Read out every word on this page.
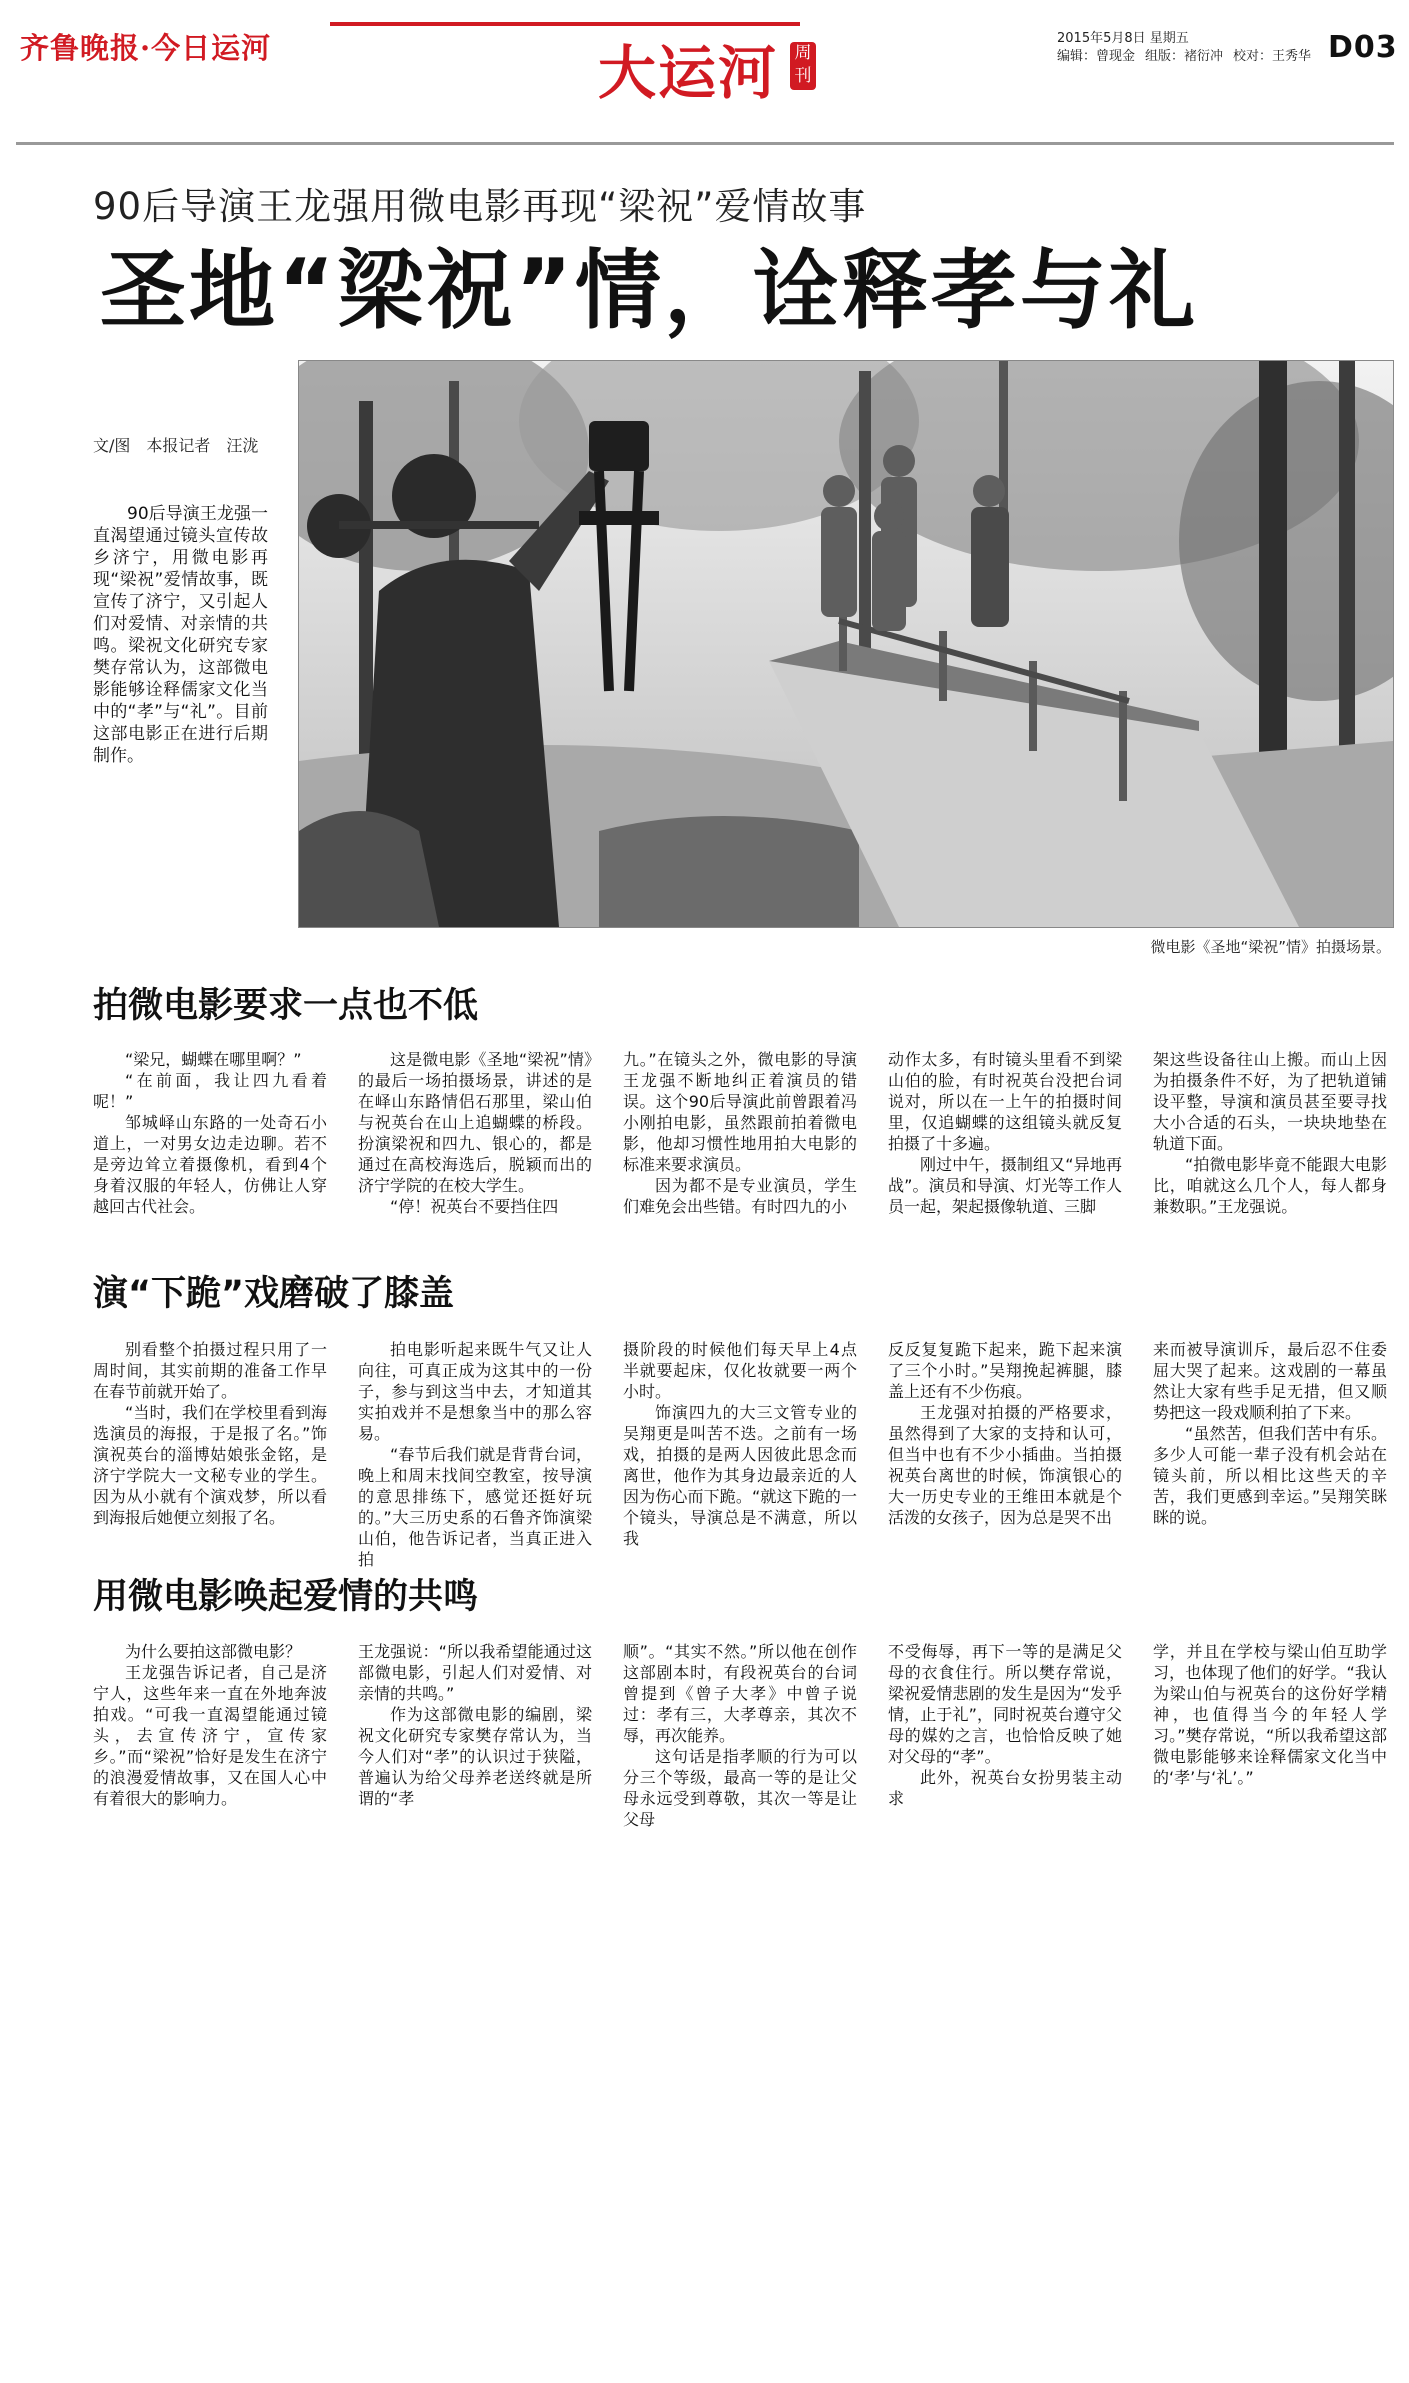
齐鲁晚报·今日运河	大运河 周刊
2015年5月8日 星期五
编辑：曾现金 组版：褚衍冲 校对：王秀华 D03
90后导演王龙强用微电影再现“梁祝”爱情故事
圣地“梁祝”情，诠释孝与礼
微电影《圣地“梁祝”情》拍摄场景。
文/图　本报记者　汪泷
90后导演王龙强一直渴望通过镜头宣传故乡济宁，用微电影再现“梁祝”爱情故事，既宣传了济宁，又引起人们对爱情、对亲情的共鸣。梁祝文化研究专家樊存常认为，这部微电影能够诠释儒家文化当中的“孝”与“礼”。目前这部电影正在进行后期制作。
拍微电影要求一点也不低

“梁兄，蝴蝶在哪里啊？”

“在前面，我让四九看着呢！”

邹城峄山东路的一处奇石小道上，一对男女边走边聊。若不是旁边耸立着摄像机，看到4个身着汉服的年轻人，仿佛让人穿越回古代社会。

这是微电影《圣地“梁祝”情》的最后一场拍摄场景，讲述的是在峄山东路情侣石那里，梁山伯与祝英台在山上追蝴蝶的桥段。扮演梁祝和四九、银心的，都是通过在高校海选后，脱颖而出的济宁学院的在校大学生。

“停！祝英台不要挡住四

九。”在镜头之外，微电影的导演王龙强不断地纠正着演员的错误。这个90后导演此前曾跟着冯小刚拍电影，虽然跟前拍着微电影，他却习惯性地用拍大电影的标准来要求演员。

因为都不是专业演员，学生们难免会出些错。有时四九的小

动作太多，有时镜头里看不到梁山伯的脸，有时祝英台没把台词说对，所以在一上午的拍摄时间里，仅追蝴蝶的这组镜头就反复拍摄了十多遍。

刚过中午，摄制组又“异地再战”。演员和导演、灯光等工作人员一起，架起摄像轨道、三脚

架这些设备往山上搬。而山上因为拍摄条件不好，为了把轨道铺设平整，导演和演员甚至要寻找大小合适的石头，一块块地垫在轨道下面。

“拍微电影毕竟不能跟大电影比，咱就这么几个人，每人都身兼数职。”王龙强说。

演“下跪”戏磨破了膝盖

别看整个拍摄过程只用了一周时间，其实前期的准备工作早在春节前就开始了。

“当时，我们在学校里看到海选演员的海报，于是报了名。”饰演祝英台的淄博姑娘张金铭，是济宁学院大一文秘专业的学生。因为从小就有个演戏梦，所以看到海报后她便立刻报了名。

拍电影听起来既牛气又让人向往，可真正成为这其中的一份子，参与到这当中去，才知道其实拍戏并不是想象当中的那么容易。

“春节后我们就是背背台词，晚上和周末找间空教室，按导演的意思排练下，感觉还挺好玩的。”大三历史系的石鲁齐饰演梁山伯，他告诉记者，当真正进入拍

摄阶段的时候他们每天早上4点半就要起床，仅化妆就要一两个小时。

饰演四九的大三文管专业的吴翔更是叫苦不迭。之前有一场戏，拍摄的是两人因彼此思念而离世，他作为其身边最亲近的人因为伤心而下跪。“就这下跪的一个镜头，导演总是不满意，所以我

反反复复跪下起来，跪下起来演了三个小时。”吴翔挽起裤腿，膝盖上还有不少伤痕。

王龙强对拍摄的严格要求，虽然得到了大家的支持和认可，但当中也有不少小插曲。当拍摄祝英台离世的时候，饰演银心的大一历史专业的王维田本就是个活泼的女孩子，因为总是哭不出

来而被导演训斥，最后忍不住委屈大哭了起来。这戏剧的一幕虽然让大家有些手足无措，但又顺势把这一段戏顺利拍了下来。

“虽然苦，但我们苦中有乐。多少人可能一辈子没有机会站在镜头前，所以相比这些天的辛苦，我们更感到幸运。”吴翔笑眯眯的说。

用微电影唤起爱情的共鸣

为什么要拍这部微电影？

王龙强告诉记者，自己是济宁人，这些年来一直在外地奔波拍戏。“可我一直渴望能通过镜头，去宣传济宁，宣传家乡。”而“梁祝”恰好是发生在济宁的浪漫爱情故事，又在国人心中有着很大的影响力。

王龙强说：“所以我希望能通过这部微电影，引起人们对爱情、对亲情的共鸣。”

作为这部微电影的编剧，梁祝文化研究专家樊存常认为，当今人们对“孝”的认识过于狭隘，普遍认为给父母养老送终就是所谓的“孝

顺”。“其实不然。”所以他在创作这部剧本时，有段祝英台的台词曾提到《曾子大孝》中曾子说过：孝有三，大孝尊亲，其次不辱，再次能养。

这句话是指孝顺的行为可以分三个等级，最高一等的是让父母永远受到尊敬，其次一等是让父母

不受侮辱，再下一等的是满足父母的衣食住行。所以樊存常说，梁祝爱情悲剧的发生是因为“发乎情，止于礼”，同时祝英台遵守父母的媒妁之言，也恰恰反映了她对父母的“孝”。

此外，祝英台女扮男装主动求

学，并且在学校与梁山伯互助学习，也体现了他们的好学。“我认为梁山伯与祝英台的这份好学精神，也值得当今的年轻人学习。”樊存常说，“所以我希望这部微电影能够来诠释儒家文化当中的‘孝’与‘礼’。”
